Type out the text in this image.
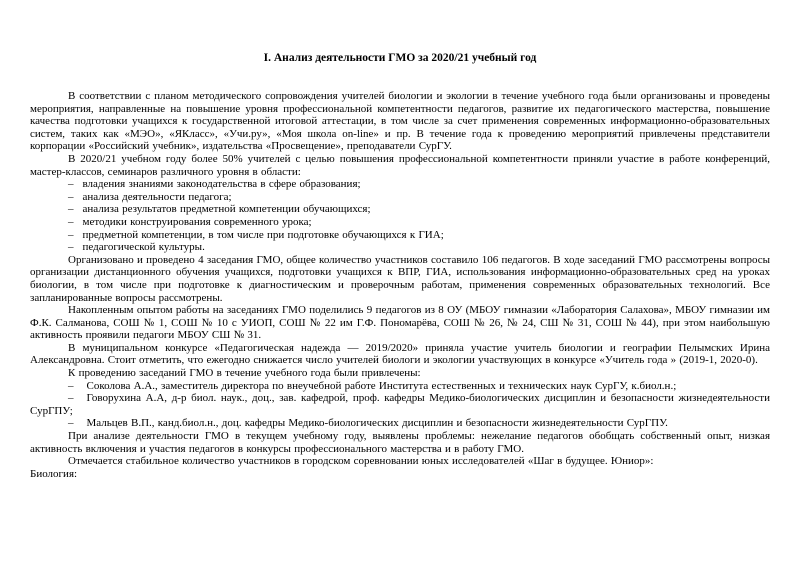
I. Анализ деятельности ГМО за 2020/21 учебный год

В соответствии с планом методического сопровождения учителей биологии и экологии в течение учебного года были организованы и проведены мероприятия, направленные на повышение уровня профессиональной компетентности педагогов, развитие их педагогического мастерства, повышение качества подготовки учащихся к государственной итоговой аттестации, в том числе за счет применения современных информационно-образовательных систем, таких как «МЭО», «ЯКласс», «Учи.ру», «Моя школа on-line» и пр. В течение года к проведению мероприятий привлечены представители корпорации «Российский учебник», издательства «Просвещение», преподаватели СурГУ.

В 2020/21 учебном году более 50% учителей с целью повышения профессиональной компетентности приняли участие в работе конференций, мастер-классов, семинаров различного уровня в области:

– владения знаниями законодательства в сфере образования;

– анализа деятельности педагога;

– анализа результатов предметной компетенции обучающихся;

– методики конструирования современного урока;

– предметной компетенции, в том числе при подготовке обучающихся к ГИА;

– педагогической культуры.

Организовано и проведено 4 заседания ГМО, общее количество участников составило 106 педагогов. В ходе заседаний ГМО рассмотрены вопросы организации дистанционного обучения учащихся, подготовки учащихся к ВПР, ГИА, использования информационно-образовательных сред на уроках биологии, в том числе при подготовке к диагностическим и проверочным работам, применения современных образовательных технологий. Все запланированные вопросы рассмотрены.

Накопленным опытом работы на заседаниях ГМО поделились 9 педагогов из 8 ОУ (МБОУ гимназии «Лаборатория Салахова», МБОУ гимназии им Ф.К. Салманова, СОШ № 1, СОШ № 10 с УИОП, СОШ № 22 им Г.Ф. Пономарёва, СОШ № 26, № 24, СШ № 31, СОШ № 44), при этом наибольшую активность проявили педагоги МБОУ СШ № 31.

В муниципальном конкурсе «Педагогическая надежда — 2019/2020» приняла участие учитель биологии и географии Пелымских Ирина Александровна. Стоит отметить, что ежегодно снижается число учителей биологи и экологии участвующих в конкурсе «Учитель года » (2019-1, 2020-0).

К проведению заседаний ГМО в течение учебного года были привлечены:

– Соколова А.А., заместитель директора по внеучебной работе Института естественных и технических наук СурГУ, к.биол.н.;

– Говорухина А.А, д-р биол. наук., доц., зав. кафедрой, проф. кафедры Медико-биологических дисциплин и безопасности жизнедеятельности СурГПУ;

– Мальцев В.П., канд.биол.н., доц. кафедры Медико-биологических дисциплин и безопасности жизнедеятельности СурГПУ.

При анализе деятельности ГМО в текущем учебному году, выявлены проблемы: нежелание педагогов обобщать собственный опыт, низкая активность включения и участия педагогов в конкурсы профессионального мастерства и в работу ГМО.

Отмечается стабильное количество участников в городском соревновании юных исследователей «Шаг в будущее. Юниор»:

Биология:
